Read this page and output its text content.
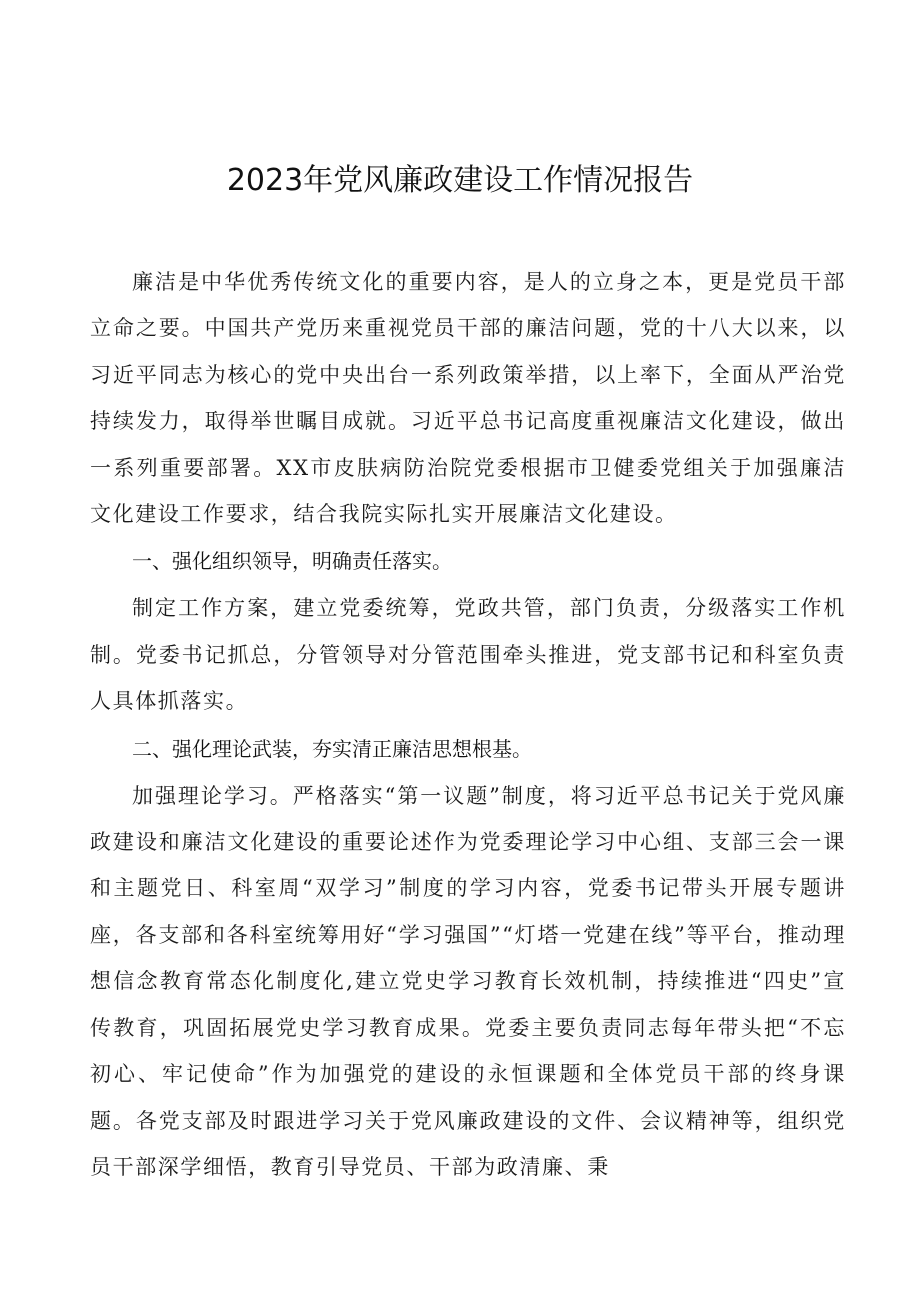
2023年党风廉政建设工作情况报告

廉洁是中华优秀传统文化的重要内容，是人的立身之本，更是党员干部立命之要。中国共产党历来重视党员干部的廉洁问题，党的十八大以来，以习近平同志为核心的党中央出台一系列政策举措，以上率下，全面从严治党持续发力，取得举世瞩目成就。习近平总书记高度重视廉洁文化建设，做出一系列重要部署。XX市皮肤病防治院党委根据市卫健委党组关于加强廉洁文化建设工作要求，结合我院实际扎实开展廉洁文化建设。

一、强化组织领导，明确责任落实。

制定工作方案，建立党委统筹，党政共管，部门负责，分级落实工作机制。党委书记抓总，分管领导对分管范围牵头推进，党支部书记和科室负责人具体抓落实。

二、强化理论武装，夯实清正廉洁思想根基。

加强理论学习。严格落实“第一议题”制度，将习近平总书记关于党风廉政建设和廉洁文化建设的重要论述作为党委理论学习中心组、支部三会一课和主题党日、科室周“双学习”制度的学习内容，党委书记带头开展专题讲座，各支部和各科室统筹用好“学习强国”“灯塔一党建在线”等平台，推动理想信念教育常态化制度化,建立党史学习教育长效机制，持续推进“四史”宣传教育，巩固拓展党史学习教育成果。党委主要负责同志每年带头把“不忘初心、牢记使命”作为加强党的建设的永恒课题和全体党员干部的终身课题。各党支部及时跟进学习关于党风廉政建设的文件、会议精神等，组织党员干部深学细悟，教育引导党员、干部为政清廉、秉
